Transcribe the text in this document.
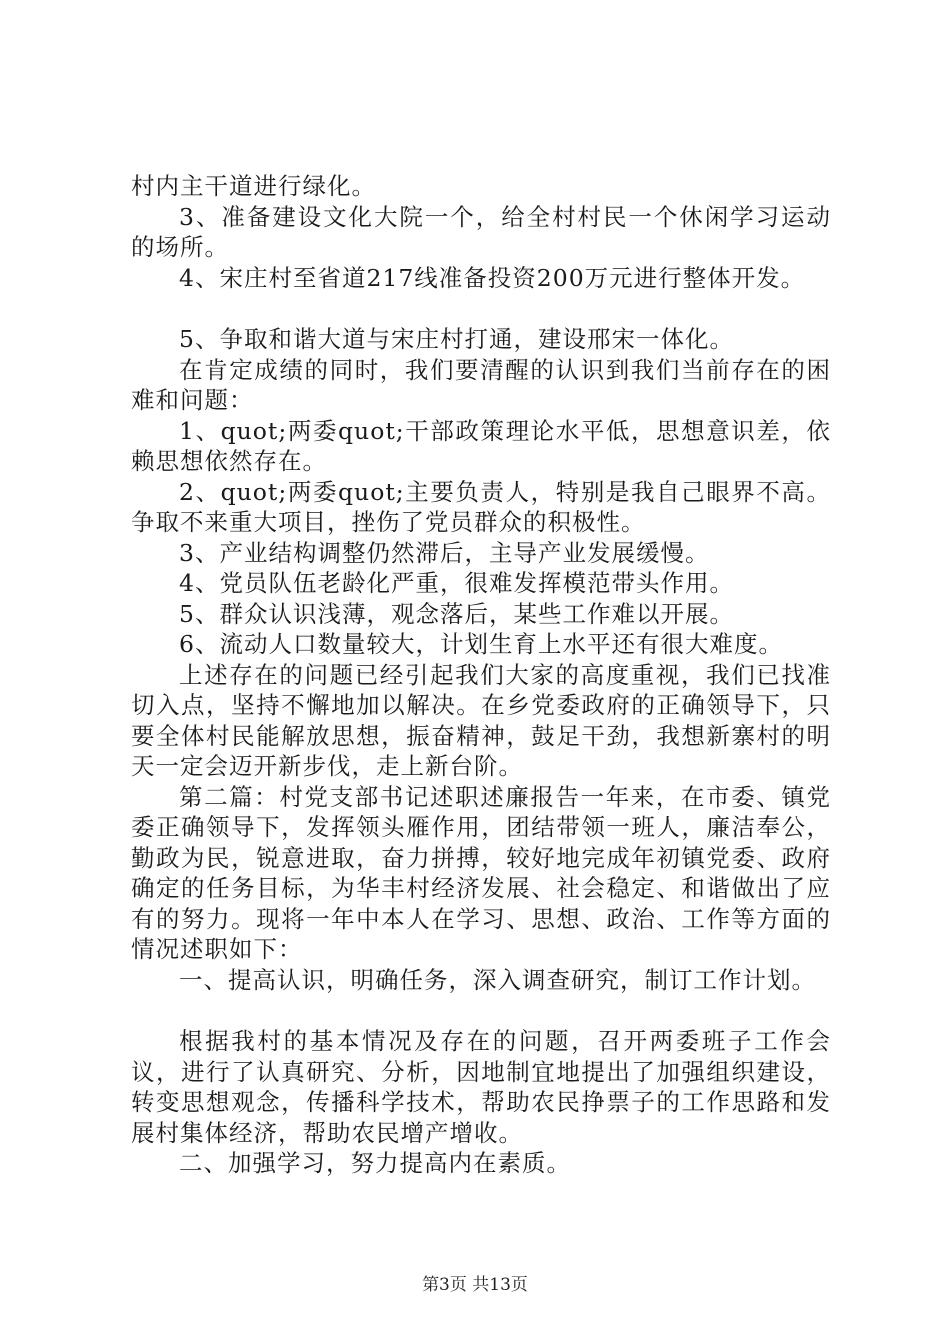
村内主干道进行绿化。

3、准备建设文化大院一个，给全村村民一个休闲学习运动的场所。

4、宋庄村至省道217线准备投资200万元进行整体开发。

5、争取和谐大道与宋庄村打通，建设邢宋一体化。

在肯定成绩的同时，我们要清醒的认识到我们当前存在的困难和问题：

1、quot;两委quot;干部政策理论水平低，思想意识差，依赖思想依然存在。

2、quot;两委quot;主要负责人，特别是我自己眼界不高。争取不来重大项目，挫伤了党员群众的积极性。

3、产业结构调整仍然滞后，主导产业发展缓慢。

4、党员队伍老龄化严重，很难发挥模范带头作用。

5、群众认识浅薄，观念落后，某些工作难以开展。

6、流动人口数量较大，计划生育上水平还有很大难度。

上述存在的问题已经引起我们大家的高度重视，我们已找准切入点，坚持不懈地加以解决。在乡党委政府的正确领导下，只要全体村民能解放思想，振奋精神，鼓足干劲，我想新寨村的明天一定会迈开新步伐，走上新台阶。

第二篇：村党支部书记述职述廉报告一年来，在市委、镇党委正确领导下，发挥领头雁作用，团结带领一班人，廉洁奉公，勤政为民，锐意进取，奋力拼搏，较好地完成年初镇党委、政府确定的任务目标，为华丰村经济发展、社会稳定、和谐做出了应有的努力。现将一年中本人在学习、思想、政治、工作等方面的情况述职如下：

一、提高认识，明确任务，深入调查研究，制订工作计划。

根据我村的基本情况及存在的问题，召开两委班子工作会议，进行了认真研究、分析，因地制宜地提出了加强组织建设，转变思想观念，传播科学技术，帮助农民挣票子的工作思路和发展村集体经济，帮助农民增产增收。

二、加强学习，努力提高内在素质。

第3页 共13页
